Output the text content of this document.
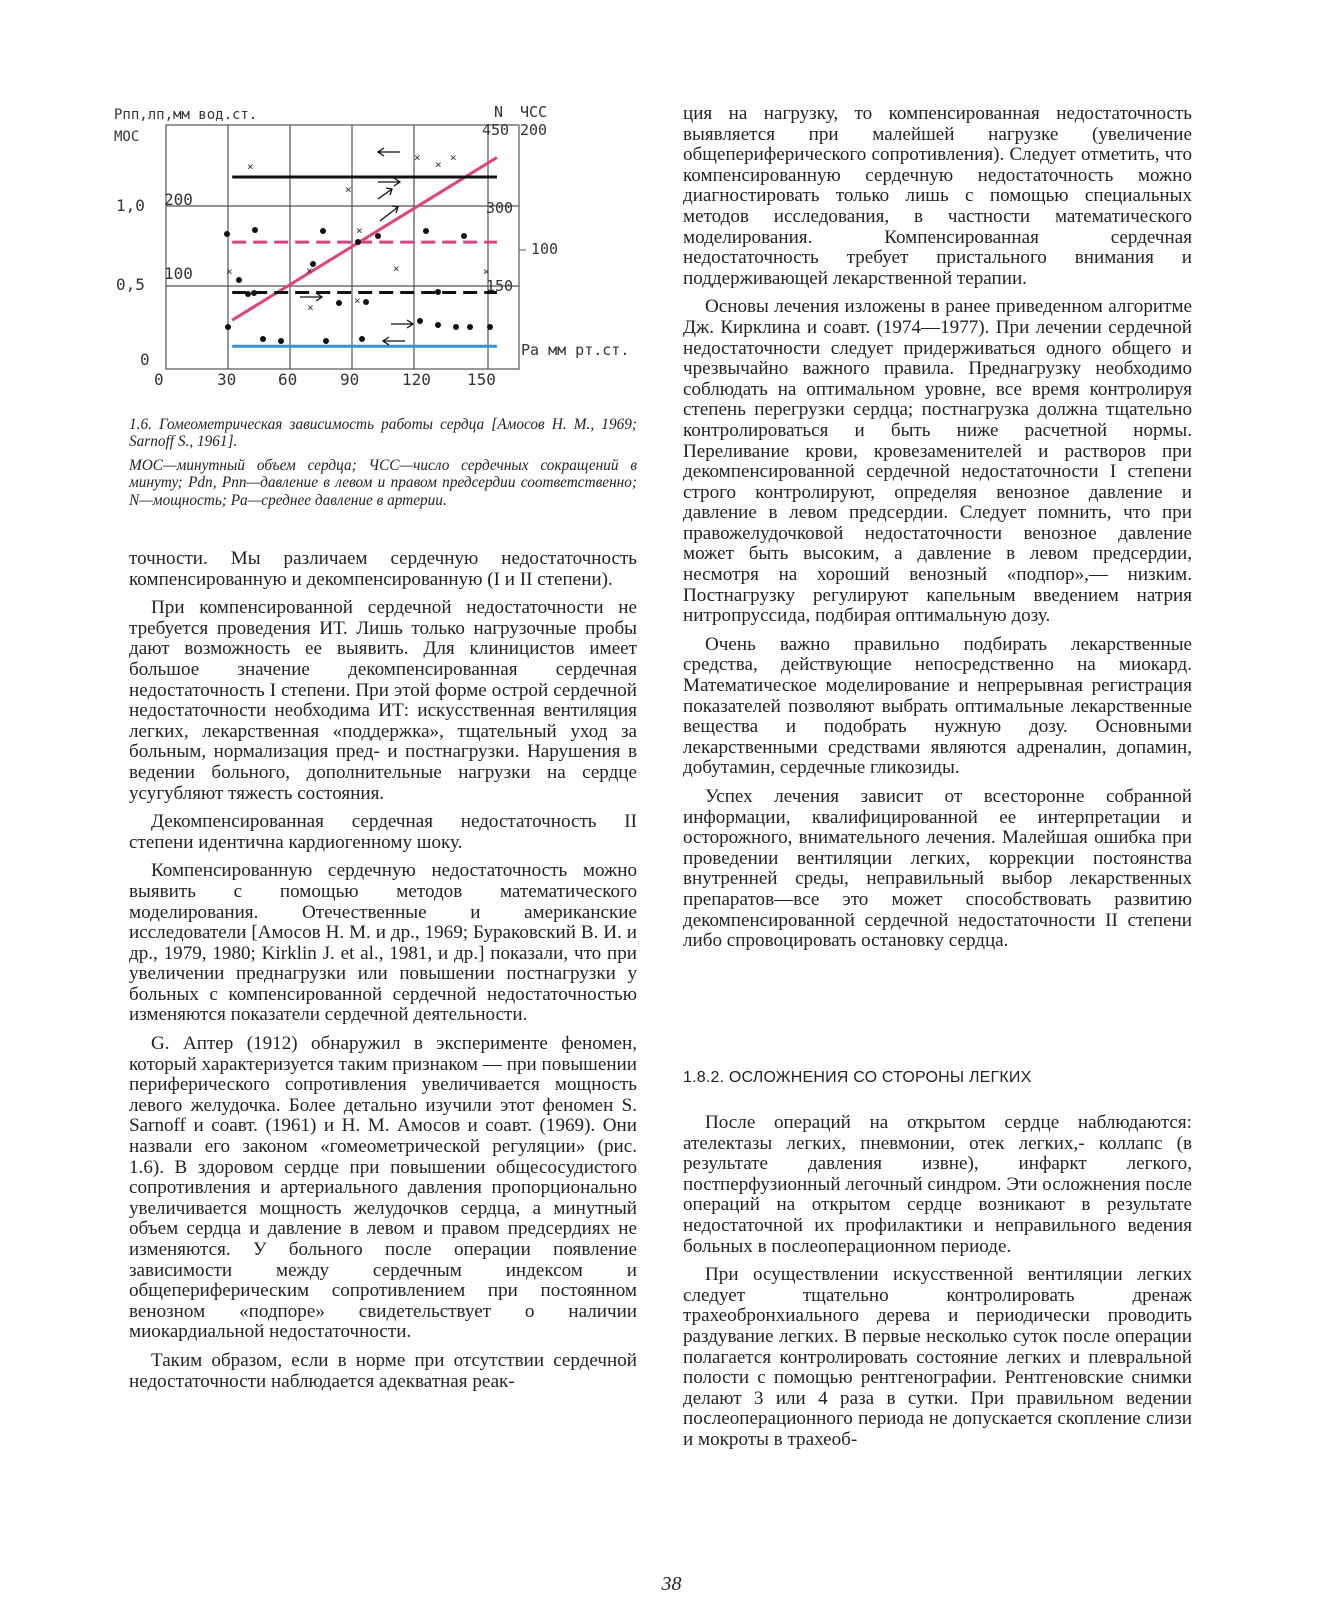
0	30	60	90	120 150
0
0,5
1,0
100
200
Pпп,лп,мм вод.ст.
МОС
N ЧСС
450 200
300
100
150
Pа мм рт.ст.
×
×
×
×
×
×
×
×
×
×
×	×

1.6. Гомеометрическая зависимость работы сердца [Амосов Н. М., 1969; Sarnoff S., 1961].

МОС—минутный объем сердца; ЧСС—число сердечных сокращений в минуту; Рdп, Рпп—давление в левом и правом предсердии соответственно; N—мощность; Pа—среднее давление в артерии.

точности. Мы различаем сердечную недостаточность компенсированную и декомпенсированную (I и II степени).

При компенсированной сердечной недостаточности не требуется проведения ИТ. Лишь только нагрузочные пробы дают возможность ее выявить. Для клиницистов имеет большое значение декомпенсированная сердечная недостаточность I степени. При этой форме острой сердечной недостаточности необходима ИТ: искусственная вентиляция легких, лекарственная «поддержка», тщательный уход за больным, нормализация пред- и постнагрузки. Нарушения в ведении больного, дополнительные нагрузки на сердце усугубляют тяжесть состояния.

Декомпенсированная сердечная недостаточность II степени идентична кардиогенному шоку.

Компенсированную сердечную недостаточность можно выявить с помощью методов математического моделирования. Отечественные и американские исследователи [Амосов Н. М. и др., 1969; Бураковский В. И. и др., 1979, 1980; Kirklin J. et al., 1981, и др.] показали, что при увеличении преднагрузки или повышении постнагрузки у больных с компенсированной сердечной недостаточностью изменяются показатели сердечной деятельности.

G. Аптер (1912) обнаружил в эксперименте феномен, который характеризуется таким признаком — при повышении периферического сопротивления увеличивается мощность левого желудочка. Более детально изучили этот феномен S. Sarnoff и соавт. (1961) и Н. М. Амосов и соавт. (1969). Они назвали его законом «гомеометрической регуляции» (рис. 1.6). В здоровом сердце при повышении общесосудистого сопротивления и артериального давления пропорционально увеличивается мощность желудочков сердца, а минутный объем сердца и давление в левом и правом предсердиях не изменяются. У больного после операции появление зависимости между сердечным индексом и общепериферическим сопротивлением при постоянном венозном «подпоре» свидетельствует о наличии миокардиальной недостаточности.

Таким образом, если в норме при отсутствии сердечной недостаточности наблюдается адекватная реак-

ция на нагрузку, то компенсированная недостаточность выявляется при малейшей нагрузке (увеличение общепериферического сопротивления). Следует отметить, что компенсированную сердечную недостаточность можно диагностировать только лишь с помощью специальных методов исследования, в частности математического моделирования. Компенсированная сердечная недостаточность требует пристального внимания и поддерживающей лекарственной терапии.

Основы лечения изложены в ранее приведенном алгоритме Дж. Кирклина и соавт. (1974—1977). При лечении сердечной недостаточности следует придерживаться одного общего и чрезвычайно важного правила. Преднагрузку необходимо соблюдать на оптимальном уровне, все время контролируя степень перегрузки сердца; постнагрузка должна тщательно контролироваться и быть ниже расчетной нормы. Переливание крови, кровезаменителей и растворов при декомпенсированной сердечной недостаточности I степени строго контролируют, определяя венозное давление и давление в левом предсердии. Следует помнить, что при правожелудочковой недостаточности венозное давление может быть высоким, а давление в левом предсердии, несмотря на хороший венозный «подпор»,— низким. Постнагрузку регулируют капельным введением натрия нитропруссида, подбирая оптимальную дозу.

Очень важно правильно подбирать лекарственные средства, действующие непосредственно на миокард. Математическое моделирование и непрерывная регистрация показателей позволяют выбрать оптимальные лекарственные вещества и подобрать нужную дозу. Основными лекарственными средствами являются адреналин, допамин, добутамин, сердечные гликозиды.

Успех лечения зависит от всесторонне собранной информации, квалифицированной ее интерпретации и осторожного, внимательного лечения. Малейшая ошибка при проведении вентиляции легких, коррекции постоянства внутренней среды, неправильный выбор лекарственных препаратов—все это может способствовать развитию декомпенсированной сердечной недостаточности II степени либо спровоцировать остановку сердца.

1.8.2. ОСЛОЖНЕНИЯ СО СТОРОНЫ ЛЕГКИХ

После операций на открытом сердце наблюдаются: ателектазы легких, пневмонии, отек легких,- коллапс (в результате давления извне), инфаркт легкого, постперфузионный легочный синдром. Эти осложнения после операций на открытом сердце возникают в результате недостаточной их профилактики и неправильного ведения больных в послеоперационном периоде.

При осуществлении искусственной вентиляции легких следует тщательно контролировать дренаж трахеобронхиального дерева и периодически проводить раздувание легких. В первые несколько суток после операции полагается контролировать состояние легких и плевральной полости с помощью рентгенографии. Рентгеновские снимки делают 3 или 4 раза в сутки. При правильном ведении послеоперационного периода не допускается скопление слизи и мокроты в трахеоб-

38
